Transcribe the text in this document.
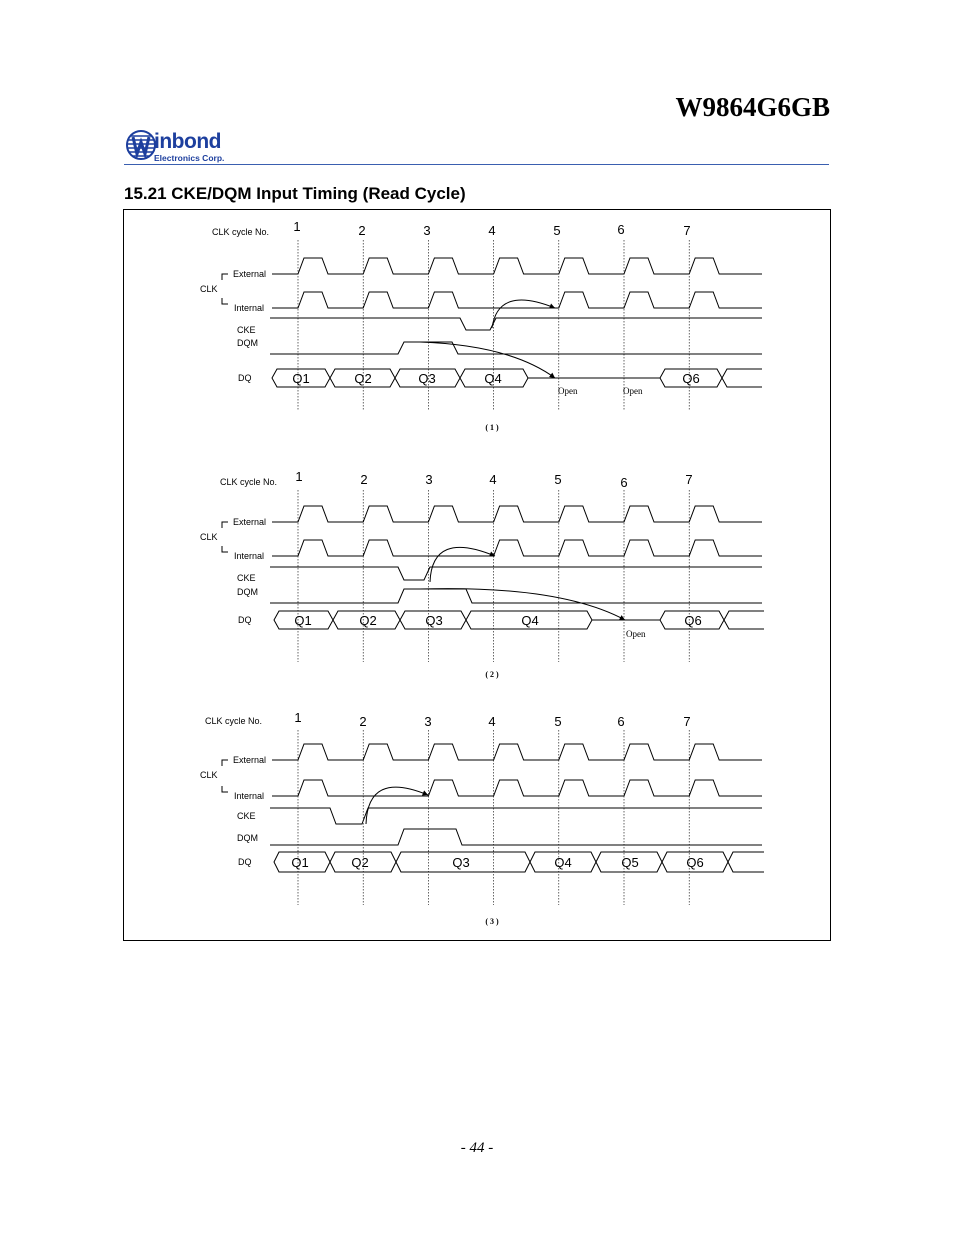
W9864G6GB
inbond
Electronics Corp.
15.21 CKE/DQM Input Timing (Read Cycle)
CLK cycle No. 1	2	3	4	5	6	7
External
CLK
Internal
CKE
DQM
DQ
( 1 )
CLK cycle No. 1	2	3	4	5	6	7
External
CLK
Internal
CKE
DQM
DQ
( 2 )
CLK cycle No. 1	2	3	4	5	6	7
External
CLK
Internal
CKE
DQM
DQ
( 3 )
Q1	Q2	Q3	Q4	Q6
Open	Open
Q1	Q2	Q3	Q4	Q6
Open
Q1	Q2	Q3	Q4	Q5	Q6
- 44 -
